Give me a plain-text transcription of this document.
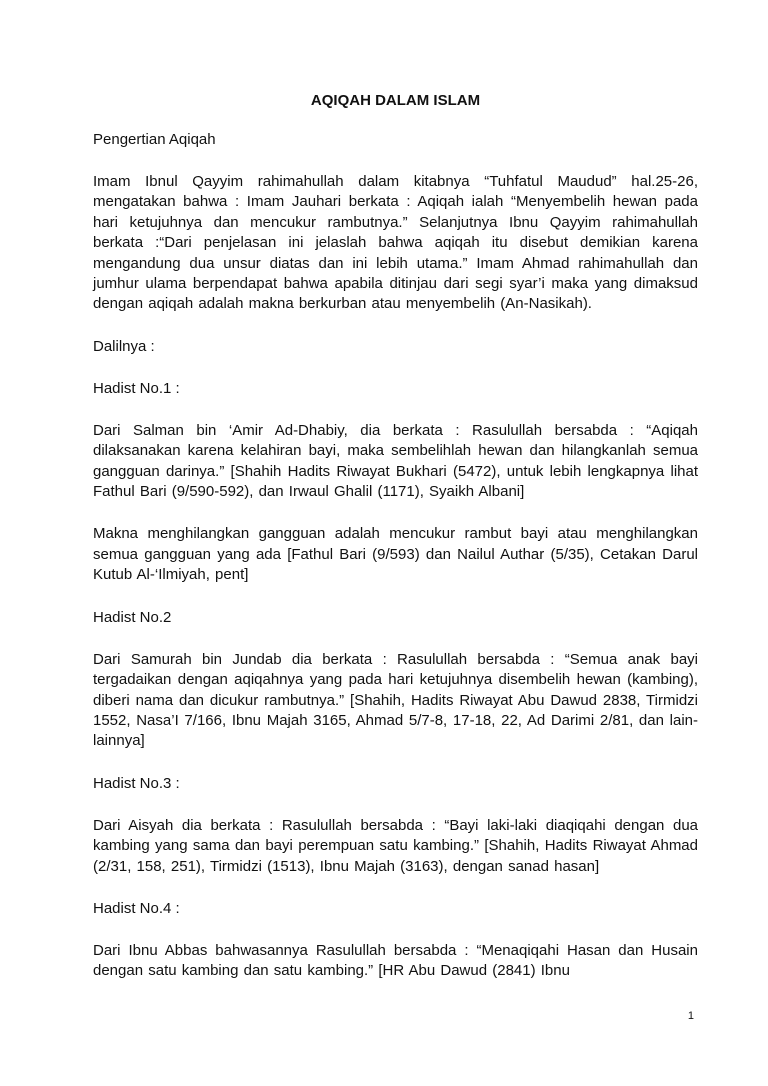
AQIQAH DALAM ISLAM
Pengertian Aqiqah
Imam Ibnul Qayyim rahimahullah dalam kitabnya “Tuhfatul Maudud” hal.25-26, mengatakan bahwa : Imam Jauhari berkata : Aqiqah ialah “Menyembelih hewan pada hari ketujuhnya dan mencukur rambutnya.” Selanjutnya Ibnu Qayyim rahimahullah berkata :“Dari penjelasan ini jelaslah bahwa aqiqah itu disebut demikian karena mengandung dua unsur diatas dan ini lebih utama.” Imam Ahmad rahimahullah dan jumhur ulama berpendapat bahwa apabila ditinjau dari segi syar’i maka yang dimaksud dengan aqiqah adalah makna berkurban atau menyembelih (An-Nasikah).
Dalilnya :
Hadist No.1 :
Dari Salman bin ‘Amir Ad-Dhabiy, dia berkata : Rasulullah bersabda : “Aqiqah dilaksanakan karena kelahiran bayi, maka sembelihlah hewan dan hilangkanlah semua gangguan darinya.” [Shahih Hadits Riwayat Bukhari (5472), untuk lebih lengkapnya lihat Fathul Bari (9/590-592), dan Irwaul Ghalil (1171), Syaikh Albani]
Makna menghilangkan gangguan adalah mencukur rambut bayi atau menghilangkan semua gangguan yang ada [Fathul Bari (9/593) dan Nailul Authar (5/35), Cetakan Darul Kutub Al-‘Ilmiyah, pent]
Hadist No.2
Dari Samurah bin Jundab dia berkata : Rasulullah bersabda : “Semua anak bayi tergadaikan dengan aqiqahnya yang pada hari ketujuhnya disembelih hewan (kambing), diberi nama dan dicukur rambutnya.” [Shahih, Hadits Riwayat Abu Dawud 2838, Tirmidzi 1552, Nasa’I 7/166, Ibnu Majah 3165, Ahmad 5/7-8, 17-18, 22, Ad Darimi 2/81, dan lain-lainnya]
Hadist No.3 :
Dari Aisyah dia berkata : Rasulullah bersabda : “Bayi laki-laki diaqiqahi dengan dua kambing yang sama dan bayi perempuan satu kambing.” [Shahih, Hadits Riwayat Ahmad (2/31, 158, 251), Tirmidzi (1513), Ibnu Majah (3163), dengan sanad hasan]
Hadist No.4 :
Dari Ibnu Abbas bahwasannya Rasulullah bersabda : “Menaqiqahi Hasan dan Husain dengan satu kambing dan satu kambing.” [HR Abu Dawud (2841) Ibnu
1
